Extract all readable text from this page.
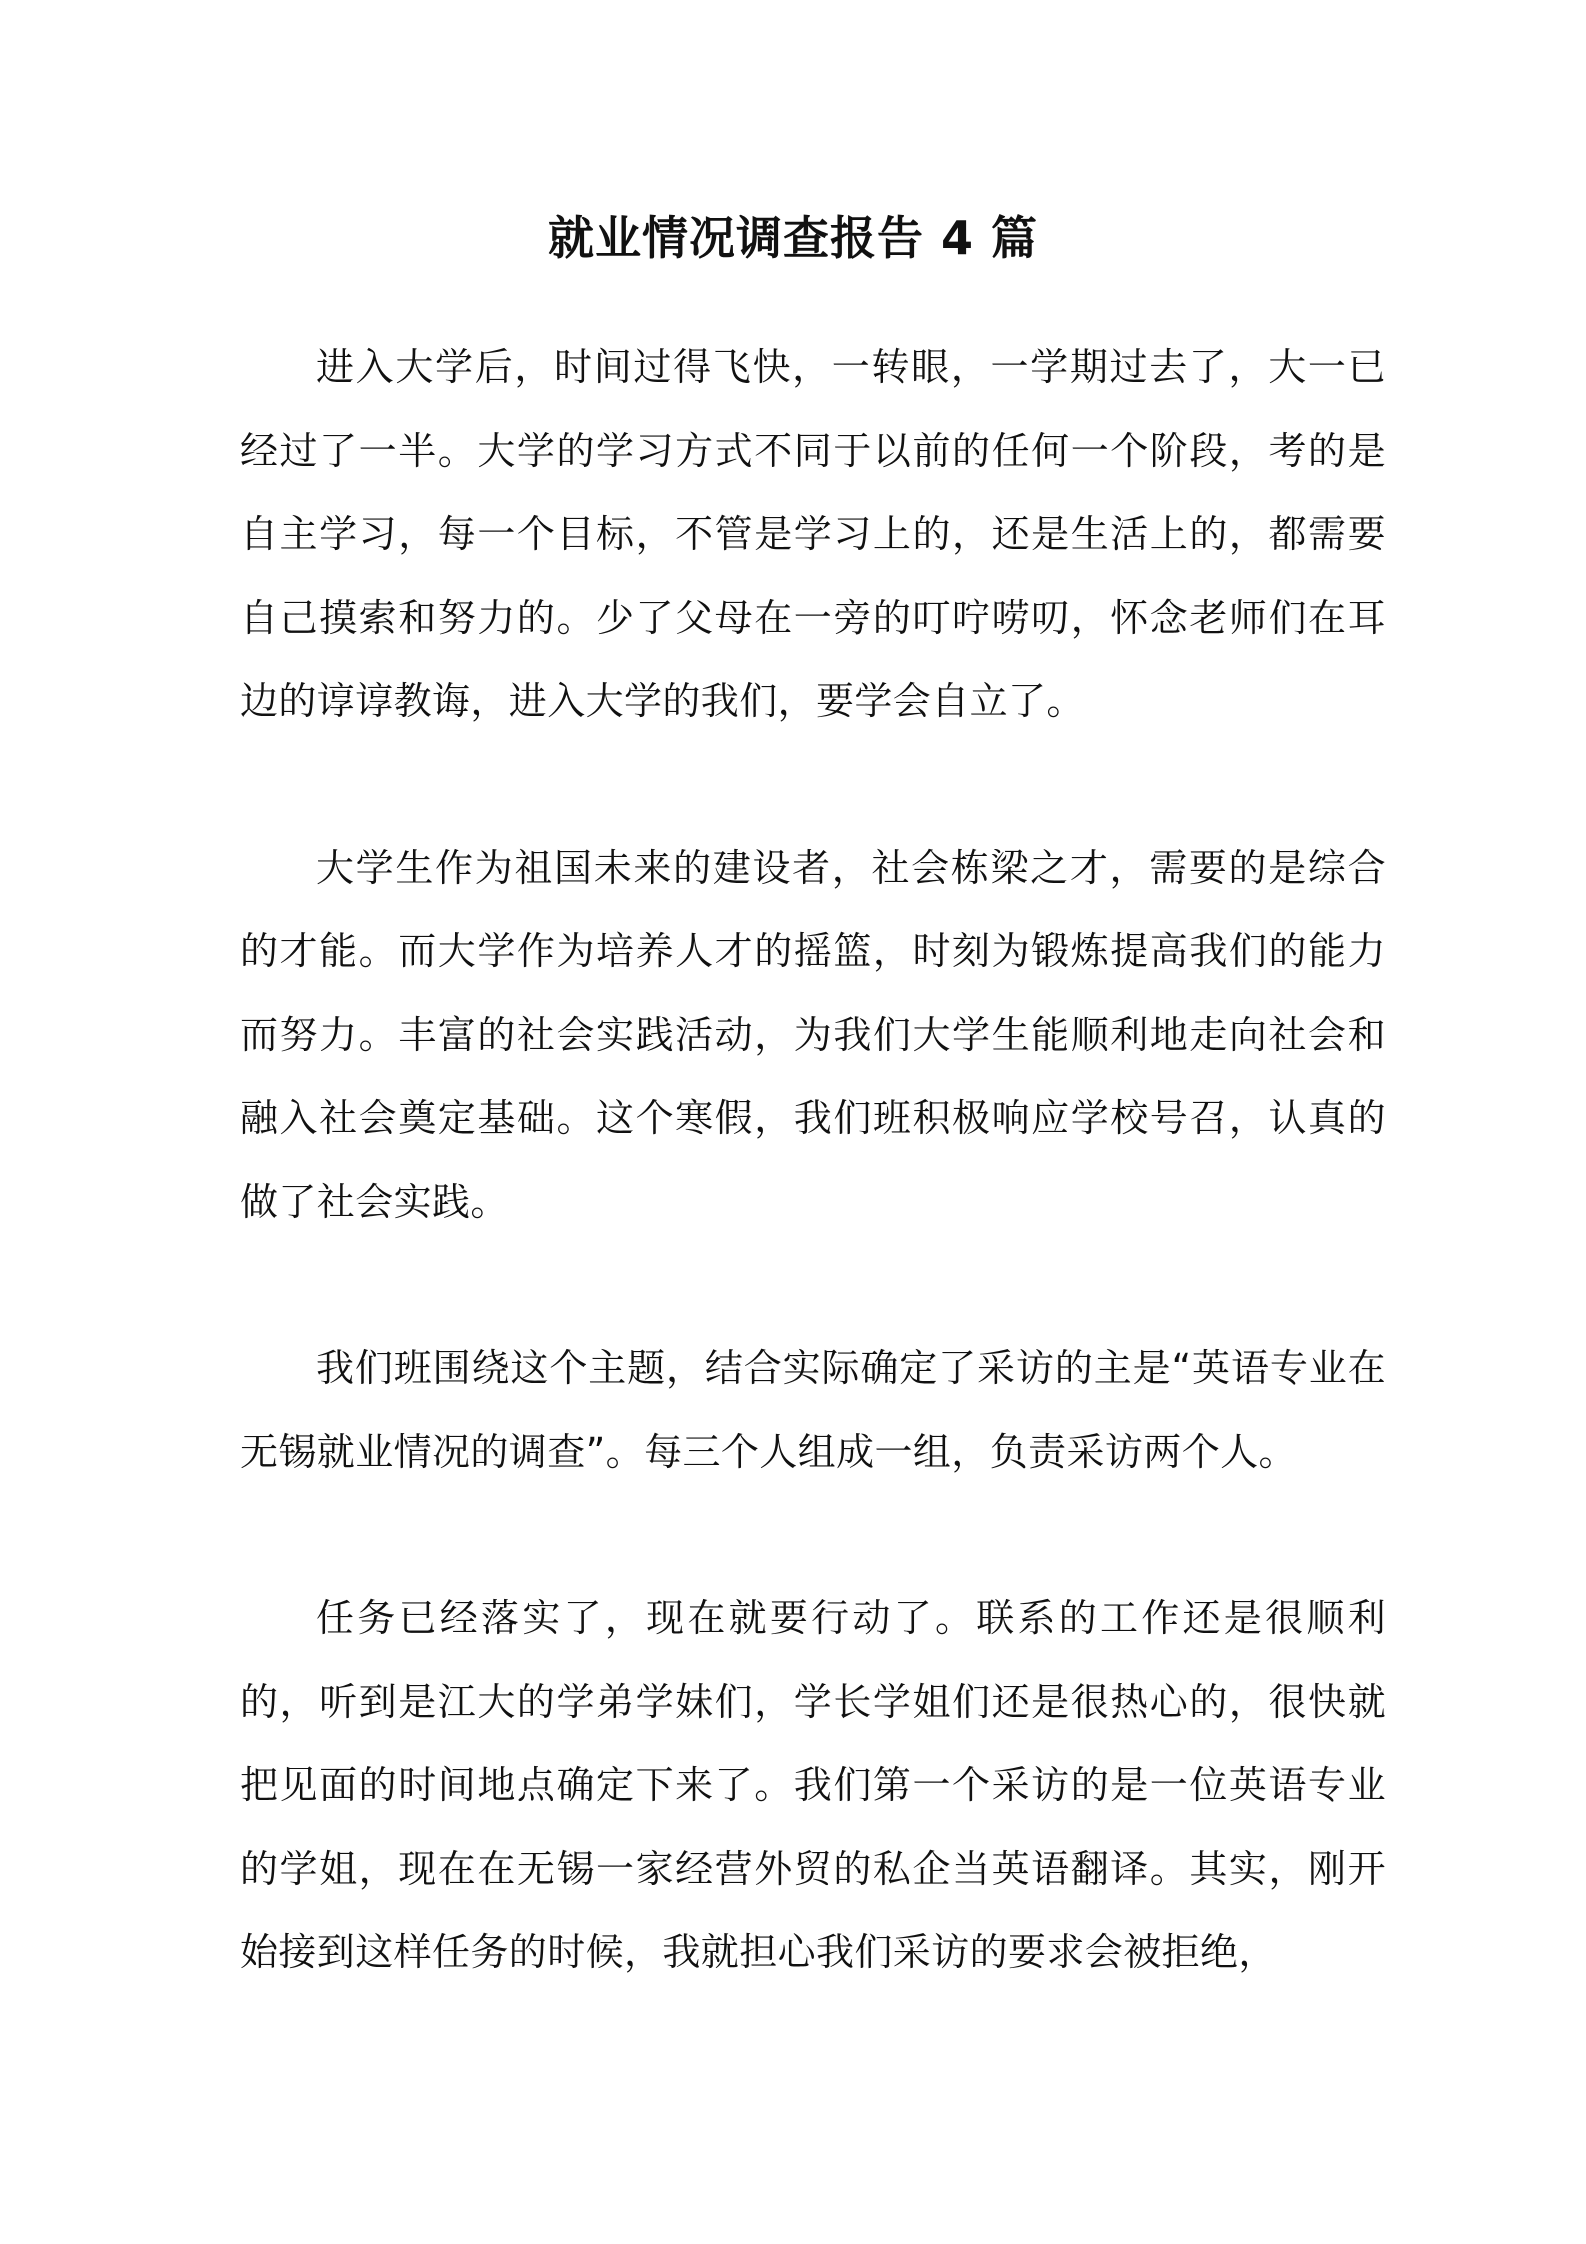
就业情况调查报告 4 篇

进入大学后，时间过得飞快，一转眼，一学期过去了，大一已经过了一半。大学的学习方式不同于以前的任何一个阶段，考的是自主学习，每一个目标，不管是学习上的，还是生活上的，都需要自己摸索和努力的。少了父母在一旁的叮咛唠叨，怀念老师们在耳边的谆谆教诲，进入大学的我们，要学会自立了。

大学生作为祖国未来的建设者，社会栋梁之才，需要的是综合的才能。而大学作为培养人才的摇篮，时刻为锻炼提高我们的能力而努力。丰富的社会实践活动，为我们大学生能顺利地走向社会和融入社会奠定基础。这个寒假，我们班积极响应学校号召，认真的做了社会实践。

我们班围绕这个主题，结合实际确定了采访的主是“英语专业在无锡就业情况的调查”。每三个人组成一组，负责采访两个人。

任务已经落实了，现在就要行动了。联系的工作还是很顺利的，听到是江大的学弟学妹们，学长学姐们还是很热心的，很快就把见面的时间地点确定下来了。我们第一个采访的是一位英语专业的学姐，现在在无锡一家经营外贸的私企当英语翻译。其实，刚开始接到这样任务的时候，我就担心我们采访的要求会被拒绝，
